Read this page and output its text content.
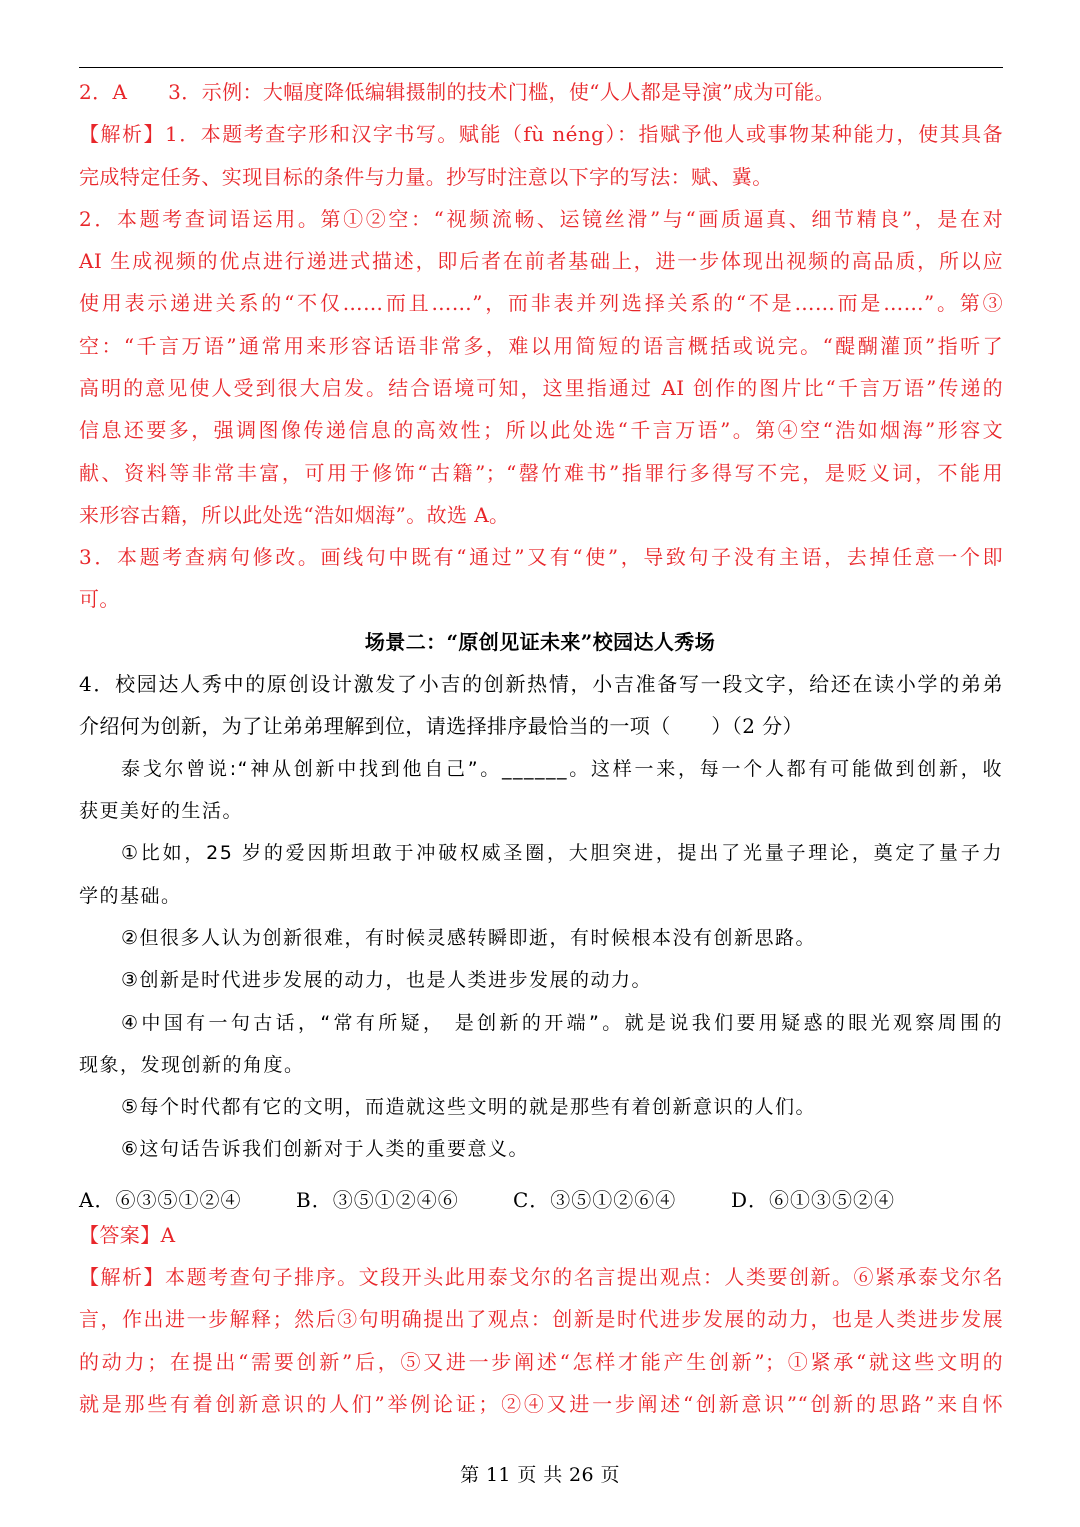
2．A　　3．示例：大幅度降低编辑摄制的技术门槛，使“人人都是导演”成为可能。
【解析】1．本题考查字形和汉字书写。赋能（fù néng）：指赋予他人或事物某种能力，使其具备
完成特定任务、实现目标的条件与力量。抄写时注意以下字的写法：赋、冀。
2．本题考查词语运用。第①②空：“视频流畅、运镜丝滑”与“画质逼真、细节精良”，是在对
AI 生成视频的优点进行递进式描述，即后者在前者基础上，进一步体现出视频的高品质，所以应
使用表示递进关系的“不仅……而且……”，而非表并列选择关系的“不是……而是……”。第③
空：“千言万语”通常用来形容话语非常多，难以用简短的语言概括或说完。“醍醐灌顶”指听了
高明的意见使人受到很大启发。结合语境可知，这里指通过 AI 创作的图片比“千言万语”传递的
信息还要多，强调图像传递信息的高效性；所以此处选“千言万语”。第④空“浩如烟海”形容文
献、资料等非常丰富，可用于修饰“古籍”；“罄竹难书”指罪行多得写不完，是贬义词，不能用
来形容古籍，所以此处选“浩如烟海”。故选 A。
3．本题考查病句修改。画线句中既有“通过”又有“使”，导致句子没有主语，去掉任意一个即
可。
场景二：“原创见证未来”校园达人秀场
4．校园达人秀中的原创设计激发了小吉的创新热情，小吉准备写一段文字，给还在读小学的弟弟
介绍何为创新，为了让弟弟理解到位，请选择排序最恰当的一项（　　）（2 分）
泰戈尔曾说:“神从创新中找到他自己”。______。这样一来，每一个人都有可能做到创新，收
获更美好的生活。
①比如，25 岁的爱因斯坦敢于冲破权威圣圈，大胆突进，提出了光量子理论，奠定了量子力
学的基础。
②但很多人认为创新很难，有时候灵感转瞬即逝，有时候根本没有创新思路。
③创新是时代进步发展的动力，也是人类进步发展的动力。
④中国有一句古话，“常有所疑， 是创新的开端”。就是说我们要用疑惑的眼光观察周围的
现象，发现创新的角度。
⑤每个时代都有它的文明，而造就这些文明的就是那些有着创新意识的人们。
⑥这句话告诉我们创新对于人类的重要意义。
A．⑥③⑤①②④	B．③⑤①②④⑥	C．③⑤①②⑥④	D．⑥①③⑤②④
【答案】A
【解析】本题考查句子排序。文段开头此用泰戈尔的名言提出观点：人类要创新。⑥紧承泰戈尔名
言，作出进一步解释；然后③句明确提出了观点：创新是时代进步发展的动力，也是人类进步发展
的动力；在提出“需要创新”后，⑤又进一步阐述“怎样才能产生创新”；①紧承“就这些文明的
就是那些有着创新意识的人们”举例论证；②④又进一步阐述“创新意识”“创新的思路”来自怀
第 11 页 共 26 页
